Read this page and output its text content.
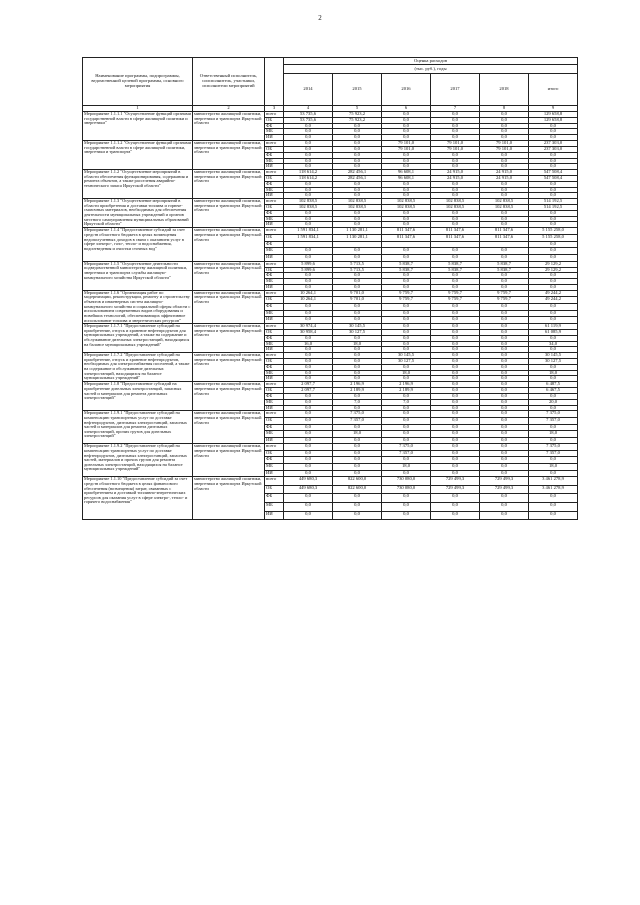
2
Наименование программы, подпрограммы, ведомственной целевой программы, основного мероприятия	Ответственный исполнитель, соисполнитель, участники, исполнители мероприятий		Оценка расходов					
			(тыс. руб.), годы					
			2014	2015	2016	2017	2018	итого
1	2	3	4	5	6	7	8	9
Мероприятие 1.1.1.1 "Осуществление функций органами государственной власти в сфере жилищной политики и энергетики"	министерство жилищной политики, энергетики и транспорта Иркутской области	всего	53 735,6	75 923,2	0,0	0,0	0,0	129 658,8
		ОБ	53 735,6	75 923,2	0,0	0,0	0,0	129 658,8
		ФБ	0,0	0,0	0,0	0,0	0,0	0,0
		МБ	0,0	0,0	0,0	0,0	0,0	0,0
		ИИ	0,0	0,0	0,0	0,0	0,0	0,0
Мероприятие 1.1.1.2 "Осуществление функций органами государственной власти в сфере жилищной политики, энергетики и транспорта"	министерство жилищной политики, энергетики и транспорта Иркутской области	всего	0,0	0,0	79 101,0	79 101,0	79 101,0	237 303,0
		ОБ	0,0	0,0	79 101,0	79 101,0	79 101,0	237 303,0
		ФБ	0,0	0,0	0,0	0,0	0,0	0,0
		МБ	0,0	0,0	0,0	0,0	0,0	0,0
		ИИ	0,0	0,0	0,0	0,0	0,0	0,0
Мероприятие 1.1.2 "Осуществление мероприятий в области обеспечения функционирования, содержания и ремонта объектов, а также расселения аварийно-технического запаса Иркутской области"	министерство жилищной политики, энергетики и транспорта Иркутской области	всего	118 614,2	282 456,1	96 608,1	24 915,0	24 915,0	547 508,4
		ОБ	118 614,2	282 456,1	96 608,1	24 915,0	24 915,0	547 508,4
		ФБ	0,0	0,0	0,0	0,0	0,0	0,0
		МБ	0,0	0,0	0,0	0,0	0,0	0,0
		ИИ	0,0	0,0	0,0	0,0	0,0	0,0
Мероприятие 1.1.3 "Осуществление мероприятий в области приобретения и доставки топлива и горюче-смазочных материалов, необходимых для обеспечения деятельности муниципальных учреждений и органов местного самоуправления муниципальных образований Иркутской области"	министерство жилищной политики, энергетики и транспорта Иркутской области	всего	102 838,5	102 838,5	102 838,5	102 838,5	102 838,5	514 192,5
		ОБ	102 838,5	102 838,5	102 838,5	102 838,5	102 838,5	514 192,5
		ФБ	0,0	0,0	0,0	0,0	0,0	0,0
		МБ	0,0	0,0	0,0	0,0	0,0	0,0
		ИИ	0,0	0,0	0,0	0,0	0,0	0,0
Мероприятие 1.1.4 "Предоставление субсидий за счет средств областного бюджета в целях возмещения недополученных доходов в связи с оказанием услуг в сфере электро-, газо-, тепло- и водоснабжения, водоотведения и очистки сточных вод"	министерство жилищной политики, энергетики и транспорта Иркутской области	всего	1 591 834,1	1 130 281,1	811 347,6	811 347,6	811 347,6	5 155 258,0
		ОБ	1 591 834,1	1 130 281,1	811 347,6	811 347,6	811 347,6	5 155 258,0
		ФБ						0,0
		МБ	0,0	0,0	0,0	0,0	0,0	0,0
		ИИ	0,0	0,0	0,0	0,0	0,0	0,0
Мероприятие 1.1.5 "Осуществление деятельности подведомственной министерству жилищной политики, энергетики и транспорта службы жилищно-коммунального хозяйства Иркутской области"	министерство жилищной политики, энергетики и транспорта Иркутской области	всего	5 899,6	5 713,5	5 838,7	5 838,7	5 838,7	29 129,2
		ОБ	5 899,6	5 713,5	5 838,7	5 838,7	5 838,7	29 129,2
		ФБ	0,0	0,0	0,0	0,0	0,0	0,0
		МБ	0,0	0,0	0,0	0,0	0,0	0,0
		ИИ	0,0	0,0	0,0	0,0	0,0	0,0
Мероприятие 1.1.6 "Организация работ по модернизации, реконструкции, ремонту и строительству объектов и инженерных систем жилищно-коммунального хозяйства и социальной сферы области с использованием современных видов оборудования и новейших технологий, обеспечивающих эффективное использование топлива и энергетических ресурсов"	министерство жилищной политики, энергетики и транспорта Иркутской области	всего	10 264,1	9 701,0	9 759,7	9 759,7	9 759,7	49 244,2
		ОБ	10 264,1	9 701,0	9 759,7	9 759,7	9 759,7	49 244,2
		ФБ	0,0	0,0	0,0	0,0	0,0	0,0
		МБ	0,0	0,0	0,0	0,0	0,0	0,0
		ИИ	0,0	0,0	0,0	0,0	0,0	0,0
Мероприятие 1.1.7.1 "Предоставление субсидий на приобретение, отпуск и хранение нефтепродуктов для муниципальных учреждений, а также на содержание и обслуживание дизельных электростанций, находящихся на балансе муниципальных учреждений"	министерство жилищной политики, энергетики и транспорта Иркутской области	всего	30 974,4	30 145,5	0,0	0,0	0,0	61 119,9
		ОБ	30 958,4	30 127,5	0,0	0,0	0,0	61 085,9
		ФБ	0,0	0,0	0,0	0,0	0,0	0,0
		МБ	16,0	18,0	0,0	0,0	0,0	34,0
		ИИ	0,0	0,0	0,0	0,0	0,0	0,0
Мероприятие 1.1.7.2 "Предоставление субсидий на приобретение, отпуск и хранение нефтепродуктов, необходимых для электроснабжения поселений, а также на содержание и обслуживание дизельных электростанций, находящихся на балансе муниципальных учреждений"	министерство жилищной политики, энергетики и транспорта Иркутской области	всего	0,0	0,0	30 145,5	0,0	0,0	30 145,5
		ОБ	0,0	0,0	30 127,5	0,0	0,0	30 127,5
		ФБ	0,0	0,0	0,0	0,0	0,0	0,0
		МБ	0,0	0,0	18,0	0,0	0,0	18,0
		ИИ	0,0	0,0	0,0	0,0	0,0	0,0
Мероприятие 1.1.8 "Предоставление субсидий на приобретение дизельных электростанций, запасных частей и материалов для ремонта дизельных электростанций"	министерство жилищной политики, энергетики и транспорта Иркутской области	всего	2 097,7	2 196,9	2 196,9	0,0	0,0	6 487,5
		ОБ	2 097,7	2 189,9	2 189,9	0,0	0,0	6 467,5
		ФБ	0,0	0,0	0,0	0,0	0,0	0,0
		МБ	0,0	7,0	7,0	0,0	0,0	20,0
		ИИ	0,0	0,0	0,0	0,0	0,0	0,0
Мероприятие 1.1.9.1 "Предоставление субсидий на компенсацию транспортных услуг по доставке нефтепродуктов, дизельных электростанций, запасных частей и материалов для ремонта дизельных электростанций, прочих грузов для дизельных электростанций"	министерство жилищной политики, энергетики и транспорта Иркутской области	всего	0,0	7 375,0	0,0	0,0	0,0	7 375,0
		ОБ	0,0	7 357,0	0,0	0,0	0,0	7 357,0
		ФБ	0,0	0,0	0,0	0,0	0,0	0,0
		МБ	0,0	18,0	0,0	0,0	0,0	18,0
		ИИ	0,0	0,0	0,0	0,0	0,0	0,0
Мероприятие 1.1.9.2 "Предоставление субсидий на компенсацию транспортных услуг по доставке нефтепродуктов, дизельных электростанций, запасных частей, материалов и прочих грузов для ремонта дизельных электростанций, находящихся на балансе муниципальных учреждений"	министерство жилищной политики, энергетики и транспорта Иркутской области	всего	0,0	0,0	7 375,0	0,0	0,0	7 375,0
		ОБ	0,0	0,0	7 357,0	0,0	0,0	7 357,0
		ФБ	0,0	0,0	0,0	0,0	0,0	0,0
		МБ	0,0	0,0	18,0	0,0	0,0	18,0
		ИИ	0,0	0,0	0,0	0,0	0,0	0,0
Мероприятие 1.1.10 "Предоставление субсидий за счет средств областного бюджета в целях финансового обеспечения (возмещения) затрат, связанных с приобретением и доставкой топливно-энергетических ресурсов для оказания услуг в сфере электро-, тепло- и горячего водоснабжения"	министерство жилищной политики, энергетики и транспорта Иркутской области	всего	449 680,3	822 600,0	730 080,0	729 499,3	729 499,3	3 461 278,9
		ОБ	449 680,3	822 600,0	730 080,0	729 499,3	729 499,3	3 461 278,9
		ФБ	0,0	0,0	0,0	0,0	0,0	0,0
		МБ	0,0	0,0	0,0	0,0	0,0	0,0
		ИИ	0,0	0,0	0,0	0,0	0,0	0,0
